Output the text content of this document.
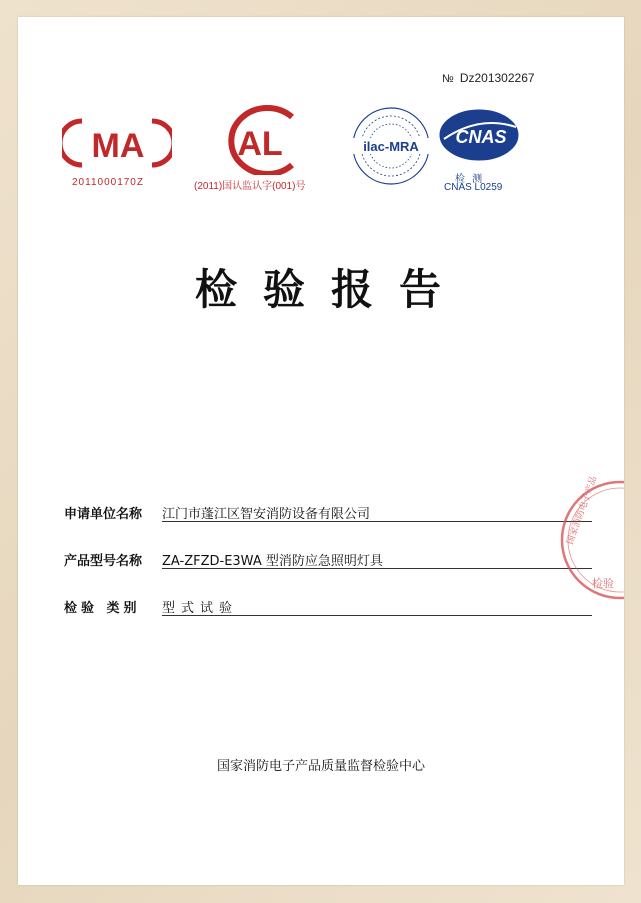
№ Dz201302267
MA
2011000170Z
AL
(2011)国认监认字(001)号
ilac-MRA CNAS
检 测
CNAS L0259
检验报告
申请单位名称 江门市蓬江区智安消防设备有限公司
产品型号名称 ZA-ZFZD-E3WA 型消防应急照明灯具
检验 类别 型式试验
国家消防电子产品质量监督检验中心
国家消防电子产品
检验
